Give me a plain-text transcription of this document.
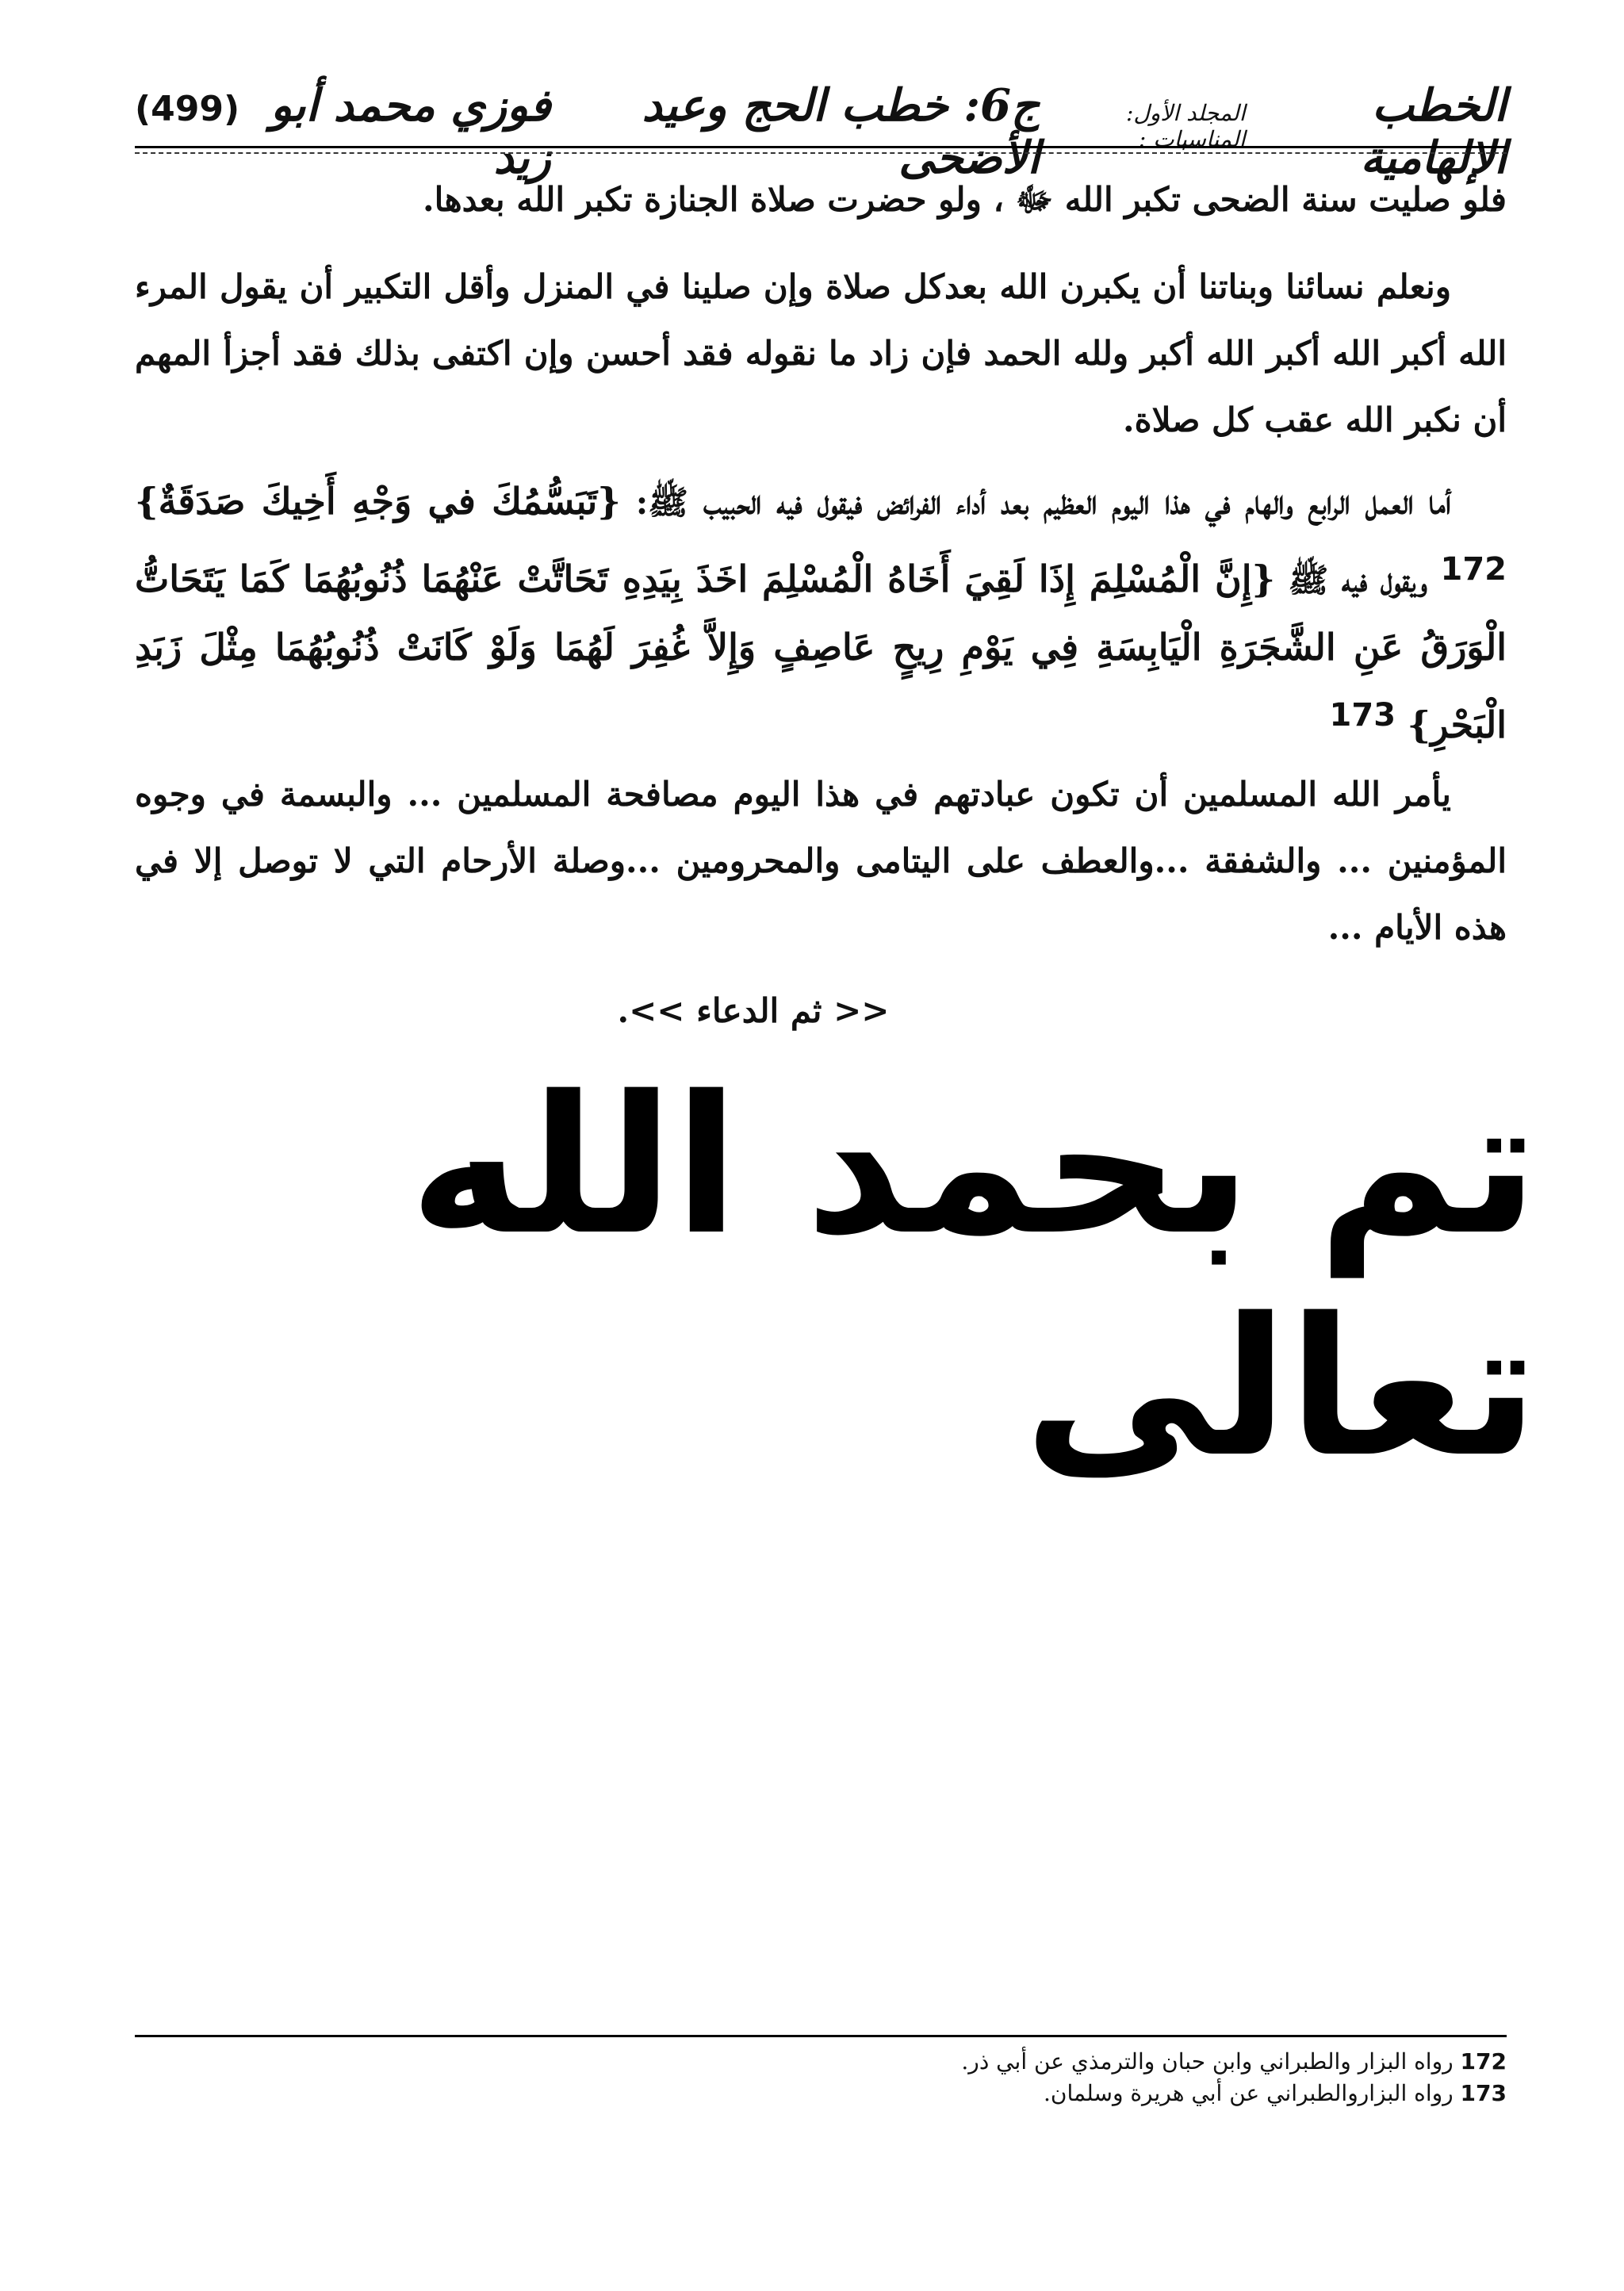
الخطب الإلهامية
المجلد الأول: المناسبات :
ج6: خطب الحج وعيد الأضحى
فوزي محمد أبو زيد
(499)
فلو صليت سنة الضحى تكبر الله ﷻ ، ولو حضرت صلاة الجنازة تكبر الله بعدها.
ونعلم نسائنا وبناتنا أن يكبرن الله بعدكل صلاة وإن صلينا في المنزل وأقل التكبير أن يقول المرء الله أكبر الله أكبر الله أكبر ولله الحمد فإن زاد ما نقوله فقد أحسن وإن اكتفى بذلك فقد أجزأ المهم أن نكبر الله عقب كل صلاة.
أما العمل الرابع والهام في هذا اليوم العظيم بعد أداء الفرائض فيقول فيه الحبيب ﷺ: {تَبَسُّمُكَ في وَجْهِ أَخِيكَ صَدَقَةٌ} $^{172}$ ويقول فيه ﷺ {إِنَّ الْمُسْلِمَ إِذَا لَقِيَ أَخَاهُ الْمُسْلِمَ اخَذَ بِيَدِهِ تَحَاتَّتْ عَنْهُمَا ذُنُوبُهُمَا كَمَا يَتَحَاتُّ الْوَرَقُ عَنِ الشَّجَرَةِ الْيَابِسَةِ فِي يَوْمِ رِيحٍ عَاصِفٍ وَإِلاَّ غُفِرَ لَهُمَا وَلَوْ كَانَتْ ذُنُوبُهُمَا مِثْلَ زَبَدِ الْبَحْرِ} $^{173}$
يأمر الله المسلمين أن تكون عبادتهم في هذا اليوم مصافحة المسلمين ... والبسمة في وجوه المؤمنين ... والشفقة ...والعطف على اليتامى والمحرومين ...وصلة الأرحام التي لا توصل إلا في هذه الأيام ...
<< ثم الدعاء >>.
تم بحمد الله تعالى
172 رواه البزار والطبراني وابن حبان والترمذي عن أبي ذر.
173 رواه البزاروالطبراني عن أبي هريرة وسلمان.
